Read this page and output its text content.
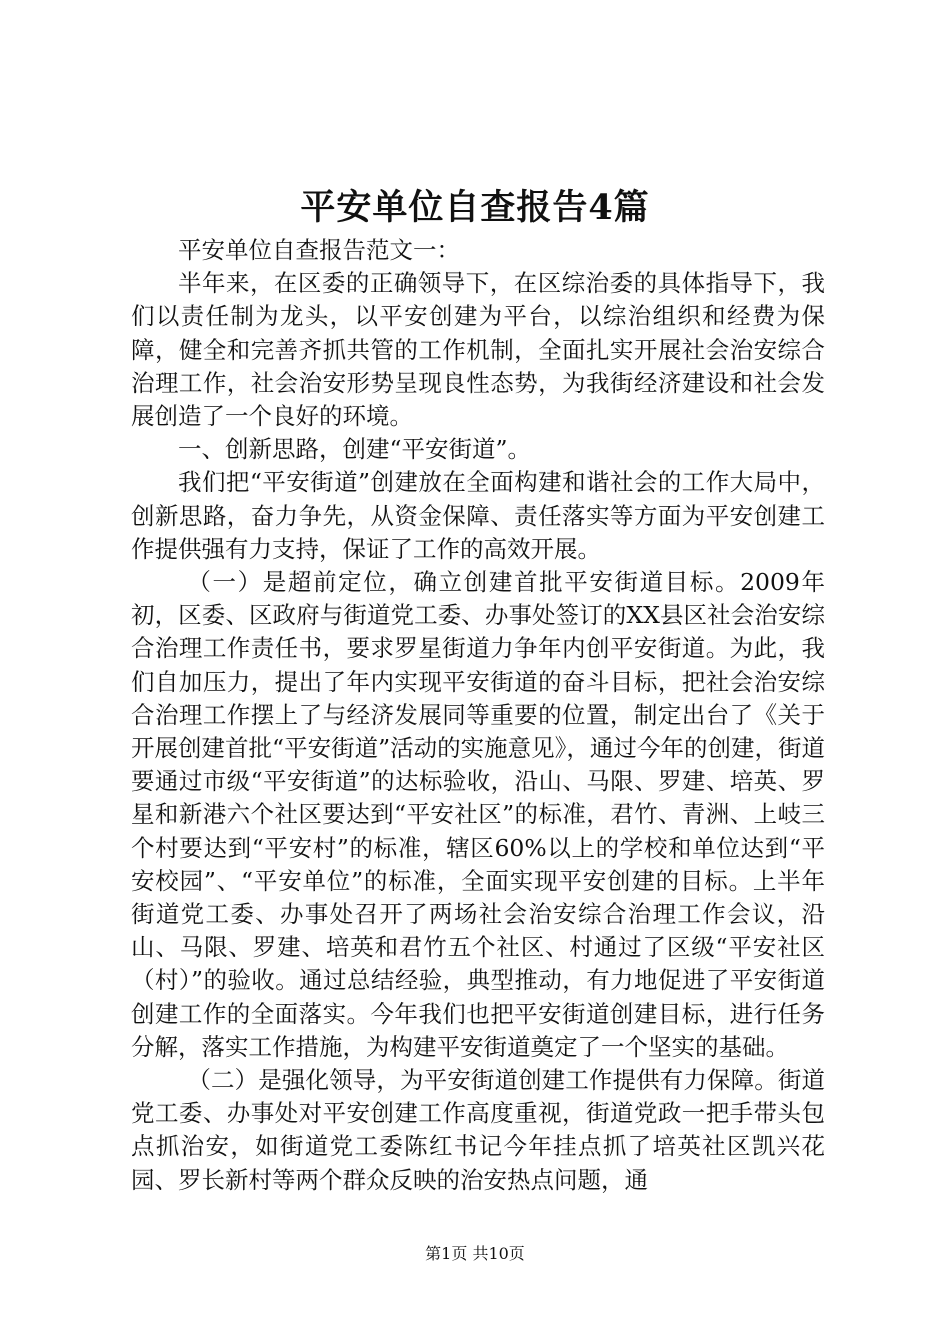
平安单位自查报告4篇

平安单位自查报告范文一：

半年来，在区委的正确领导下，在区综治委的具体指导下，我们以责任制为龙头，以平安创建为平台，以综治组织和经费为保障，健全和完善齐抓共管的工作机制，全面扎实开展社会治安综合治理工作，社会治安形势呈现良性态势，为我街经济建设和社会发展创造了一个良好的环境。

一、创新思路，创建“平安街道”。

我们把“平安街道”创建放在全面构建和谐社会的工作大局中，创新思路，奋力争先，从资金保障、责任落实等方面为平安创建工作提供强有力支持，保证了工作的高效开展。

（一）是超前定位，确立创建首批平安街道目标。2009年初，区委、区政府与街道党工委、办事处签订的XX县区社会治安综合治理工作责任书，要求罗星街道力争年内创平安街道。为此，我们自加压力，提出了年内实现平安街道的奋斗目标，把社会治安综合治理工作摆上了与经济发展同等重要的位置，制定出台了《关于开展创建首批“平安街道”活动的实施意见》，通过今年的创建，街道要通过市级“平安街道”的达标验收，沿山、马限、罗建、培英、罗星和新港六个社区要达到“平安社区”的标准，君竹、青洲、上岐三个村要达到“平安村”的标准，辖区60%以上的学校和单位达到“平安校园”、“平安单位”的标准，全面实现平安创建的目标。上半年街道党工委、办事处召开了两场社会治安综合治理工作会议，沿山、马限、罗建、培英和君竹五个社区、村通过了区级“平安社区（村）”的验收。通过总结经验，典型推动，有力地促进了平安街道创建工作的全面落实。今年我们也把平安街道创建目标，进行任务分解，落实工作措施，为构建平安街道奠定了一个坚实的基础。

（二）是强化领导，为平安街道创建工作提供有力保障。街道党工委、办事处对平安创建工作高度重视，街道党政一把手带头包点抓治安，如街道党工委陈红书记今年挂点抓了培英社区凯兴花园、罗长新村等两个群众反映的治安热点问题，通

第1页 共10页
